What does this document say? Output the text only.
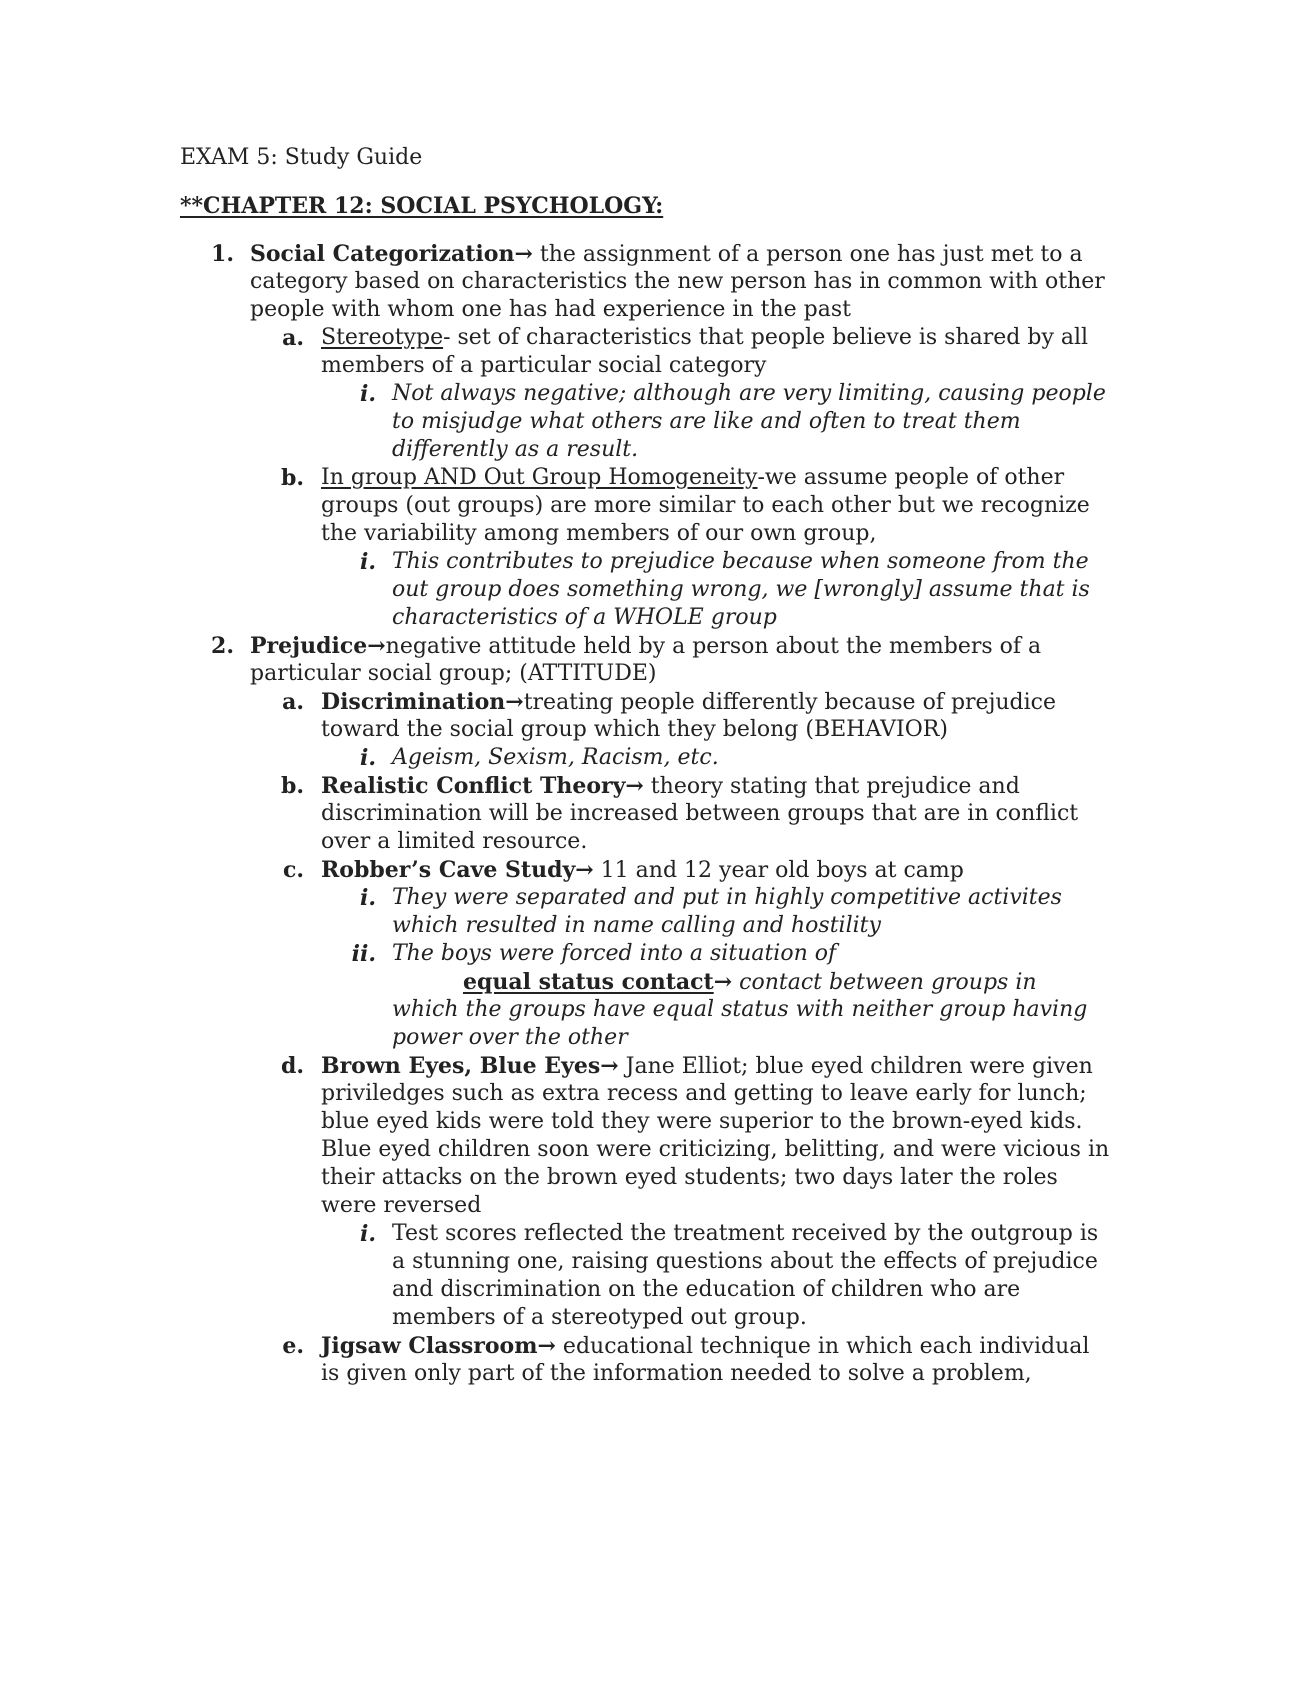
EXAM 5: Study Guide
**CHAPTER 12: SOCIAL PSYCHOLOGY:
1. Social Categorization→ the assignment of a person one has just met to a
category based on characteristics the new person has in common with other
people with whom one has had experience in the past
a. Stereotype- set of characteristics that people believe is shared by all
members of a particular social category
i. Not always negative; although are very limiting, causing people
to misjudge what others are like and often to treat them
differently as a result.
b. In group AND Out Group Homogeneity-we assume people of other
groups (out groups) are more similar to each other but we recognize
the variability among members of our own group,
i. This contributes to prejudice because when someone from the
out group does something wrong, we [wrongly] assume that is
characteristics of a WHOLE group
2. Prejudice→negative attitude held by a person about the members of a
particular social group; (ATTITUDE)
a. Discrimination→treating people differently because of prejudice
toward the social group which they belong (BEHAVIOR)
i. Ageism, Sexism, Racism, etc.
b. Realistic Conflict Theory→ theory stating that prejudice and
discrimination will be increased between groups that are in conflict
over a limited resource.
c. Robber’s Cave Study→ 11 and 12 year old boys at camp
i. They were separated and put in highly competitive activites
which resulted in name calling and hostility
ii. The boys were forced into a situation of
equal status contact→ contact between groups in
which the groups have equal status with neither group having
power over the other
d. Brown Eyes, Blue Eyes→ Jane Elliot; blue eyed children were given
priviledges such as extra recess and getting to leave early for lunch;
blue eyed kids were told they were superior to the brown-eyed kids.
Blue eyed children soon were criticizing, belitting, and were vicious in
their attacks on the brown eyed students; two days later the roles
were reversed
i. Test scores reflected the treatment received by the outgroup is
a stunning one, raising questions about the effects of prejudice
and discrimination on the education of children who are
members of a stereotyped out group.
e. Jigsaw Classroom→ educational technique in which each individual
is given only part of the information needed to solve a problem,
